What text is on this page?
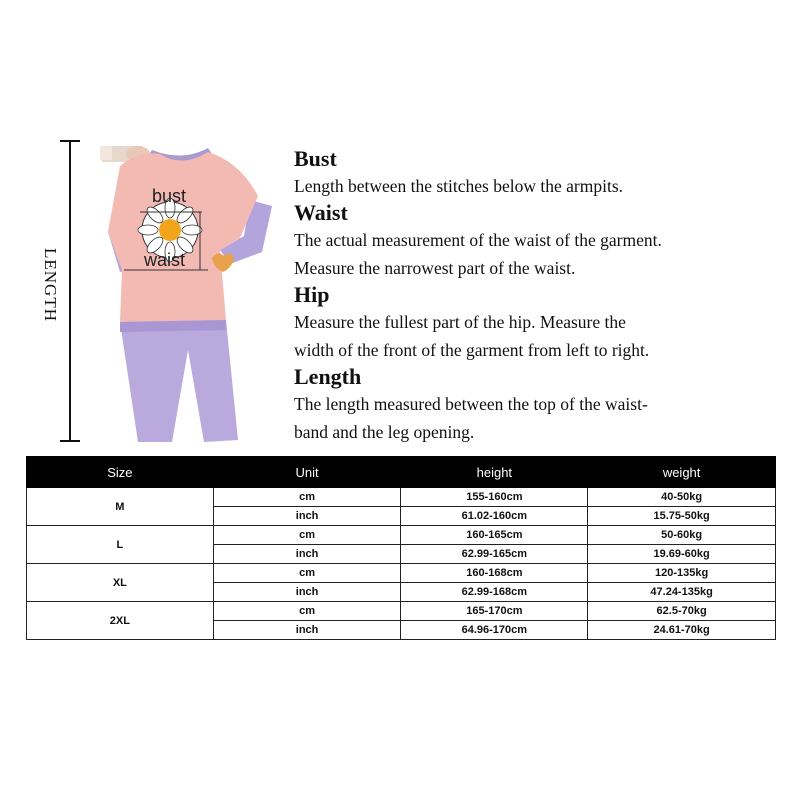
LENGTH
bust
waist

Bust

Length between the stitches below the armpits.

Waist

The actual measurement of the waist of the garment.

Measure the narrowest part of the waist.

Hip

Measure the fullest part of the hip. Measure the

width of the front of the garment from left to right.

Length

The length measured between the top of the waist-

band and the leg opening.

Size	Unit	height	weight
M	cm	155-160cm	40-50kg
	inch	61.02-160cm	15.75-50kg
L	cm	160-165cm	50-60kg
	inch	62.99-165cm	19.69-60kg
XL	cm	160-168cm	120-135kg
	inch	62.99-168cm	47.24-135kg
2XL	cm	165-170cm	62.5-70kg
	inch	64.96-170cm	24.61-70kg
